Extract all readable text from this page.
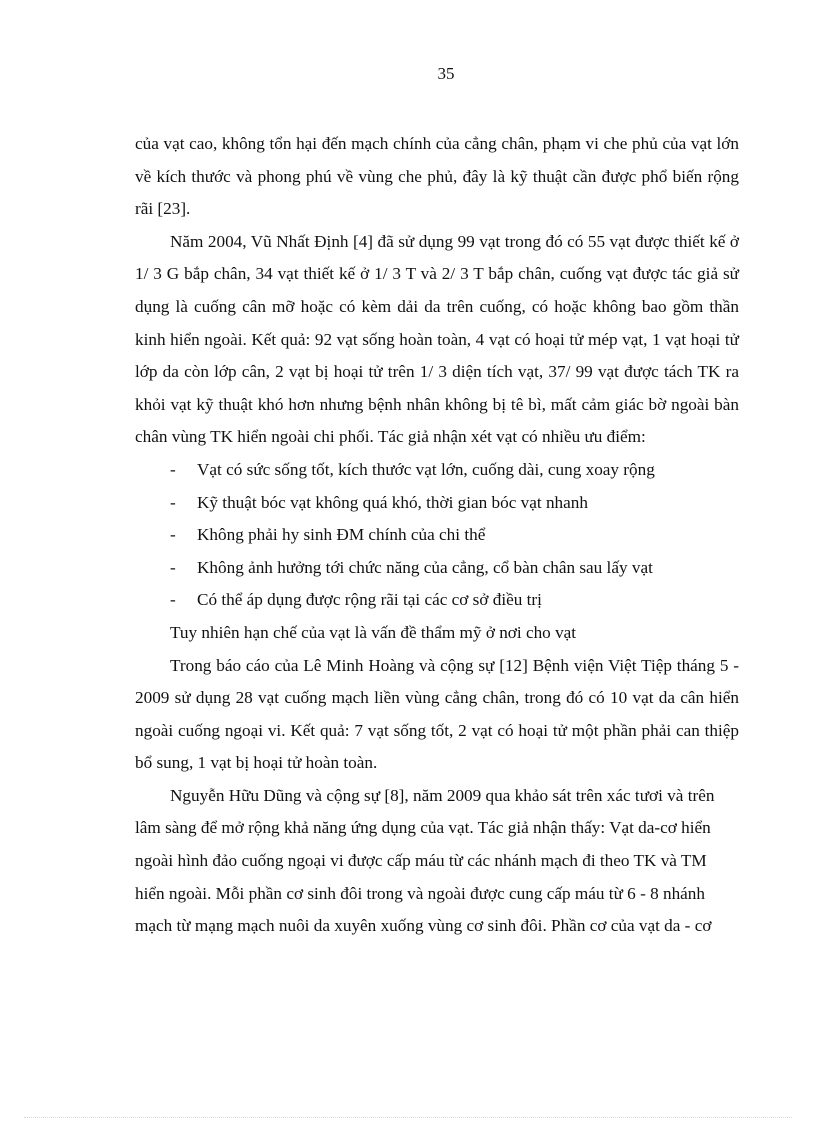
35

của vạt cao, không tổn hại đến mạch chính của cẳng chân, phạm vi che phủ của vạt lớn về kích thước và phong phú về vùng che phủ, đây là kỹ thuật cần được phổ biến rộng rãi [23].

Năm 2004, Vũ Nhất Định [4] đã sử dụng 99 vạt trong đó có 55 vạt được thiết kế ở 1/ 3 G bắp chân, 34 vạt thiết kế ở 1/ 3 T và 2/ 3 T bắp chân, cuống vạt được tác giả sử dụng là cuống cân mỡ hoặc có kèm dải da trên cuống, có hoặc không bao gồm thần kinh hiển ngoài. Kết quả: 92 vạt sống hoàn toàn, 4 vạt có hoại tử mép vạt, 1 vạt hoại tử lớp da còn lớp cân, 2 vạt bị hoại tử trên 1/ 3 diện tích vạt, 37/ 99 vạt được tách TK ra khỏi vạt kỹ thuật khó hơn nhưng bệnh nhân không bị tê bì, mất cảm giác bờ ngoài bàn chân vùng TK hiển ngoài chi phối. Tác giả nhận xét vạt có nhiều ưu điểm:

- Vạt có sức sống tốt, kích thước vạt lớn, cuống dài, cung xoay rộng
- Kỹ thuật bóc vạt không quá khó, thời gian bóc vạt nhanh
- Không phải hy sinh ĐM chính của chi thể
- Không ảnh hưởng tới chức năng của cẳng, cổ bàn chân sau lấy vạt
- Có thể áp dụng được rộng rãi tại các cơ sở điều trị

Tuy nhiên hạn chế của vạt là vấn đề thẩm mỹ ở nơi cho vạt

Trong báo cáo của Lê Minh Hoàng và cộng sự [12] Bệnh viện Việt Tiệp tháng 5 - 2009 sử dụng 28 vạt cuống mạch liền vùng cẳng chân, trong đó có 10 vạt da cân hiển ngoài cuống ngoại vi. Kết quả: 7 vạt sống tốt, 2 vạt có hoại tử một phần phải can thiệp bổ sung, 1 vạt bị hoại tử hoàn toàn.

Nguyễn Hữu Dũng và cộng sự [8], năm 2009 qua khảo sát trên xác tươi và trên lâm sàng để mở rộng khả năng ứng dụng của vạt. Tác giả nhận thấy: Vạt da-cơ hiển ngoài hình đảo cuống ngoại vi được cấp máu từ các nhánh mạch đi theo TK và TM hiển ngoài. Mỗi phần cơ sinh đôi trong và ngoài được cung cấp máu từ 6 - 8 nhánh mạch từ mạng mạch nuôi da xuyên xuống vùng cơ sinh đôi. Phần cơ của vạt da - cơ
